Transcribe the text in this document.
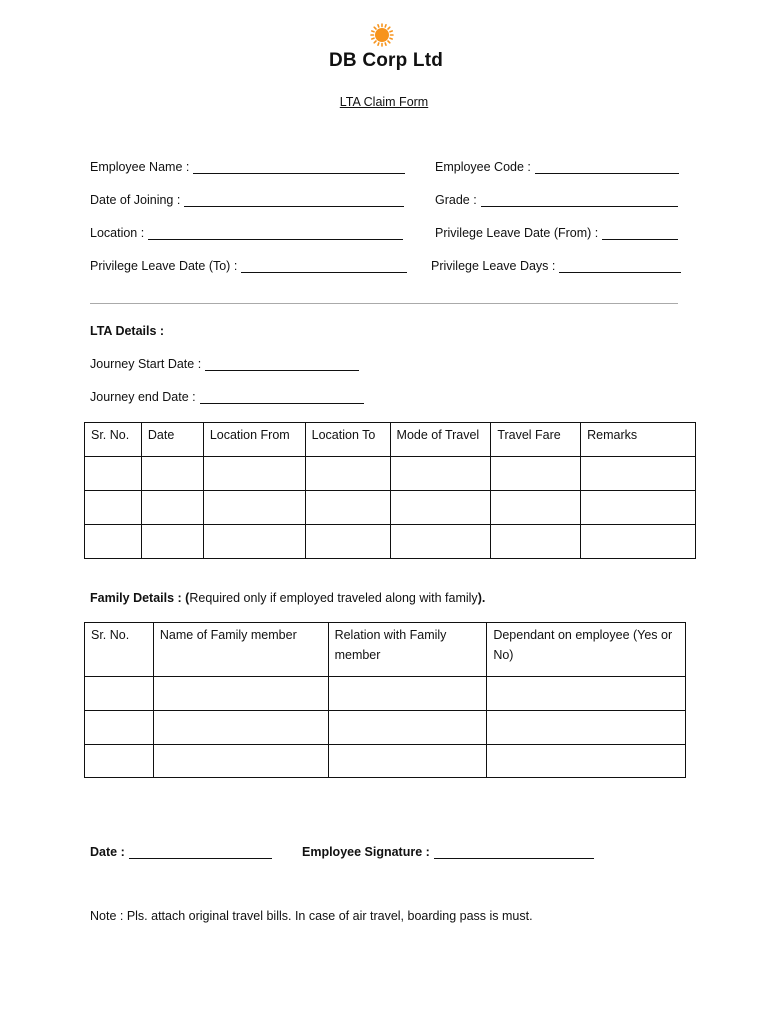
DB Corp Ltd
LTA Claim Form
Employee Name :	Employee Code :
Date of Joining :	Grade :
Location :	Privilege Leave Date (From) :
Privilege Leave Date (To) :	Privilege Leave Days :
LTA Details :
Journey Start Date :
Journey end Date :
Sr. No.	Date	Location From	Location To	Mode of Travel	Travel Fare	Remarks

Family Details : (Required only if employed traveled along with family).
Sr. No.	Name of Family member	Relation with Family member	Dependant on employee (Yes or No)

Date :	Employee Signature :
Note : Pls. attach original travel bills. In case of air travel, boarding pass is must.
